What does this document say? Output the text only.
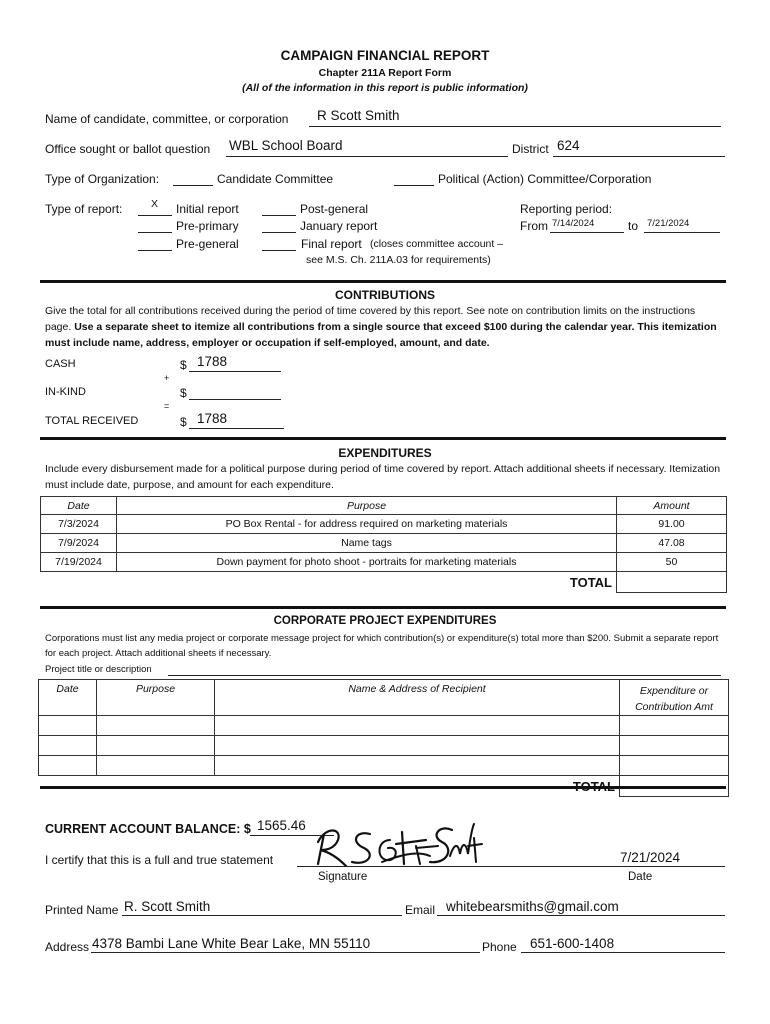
CAMPAIGN FINANCIAL REPORT
Chapter 211A Report Form
(All of the information in this report is public information)
Name of candidate, committee, or corporation R Scott Smith
Office sought or ballot question WBL School Board	District 624
Type of Organization:	Candidate Committee	Political (Action) Committee/Corporation
Type of report:	X Initial report
Pre-primary
Pre-general
Post-general
January report
Final report (closes committee account –
see M.S. Ch. 211A.03 for requirements)
Reporting period:
From 7/14/2024	to 7/21/2024
CONTRIBUTIONS
Give the total for all contributions received during the period of time covered by this report. See note on contribution limits on the instructions page. Use a separate sheet to itemize all contributions from a single source that exceed $100 during the calendar year. This itemization must include name, address, employer or occupation if self-employed, amount, and date.
CASH	$ 1788
+
IN-KIND	$
=
TOTAL RECEIVED	$ 1788
EXPENDITURES
Include every disbursement made for a political purpose during period of time covered by report. Attach additional sheets if necessary. Itemization must include date, purpose, and amount for each expenditure.
Date	Purpose	Amount
7/3/2024	PO Box Rental - for address required on marketing materials	91.00
7/9/2024	Name tags	47.08
7/19/2024	Down payment for photo shoot - portraits for marketing materials	50
	TOTAL	
CORPORATE PROJECT EXPENDITURES
Corporations must list any media project or corporate message project for which contribution(s) or expenditure(s) total more than $200. Submit a separate report for each project. Attach additional sheets if necessary.
Project title or description
Date	Purpose	Name & Address of Recipient	Expenditure or
Contribution Amt

CURRENT ACCOUNT BALANCE: $ 1565.46
I certify that this is a full and true statement
Signature
7/21/2024
Date
Printed Name R. Scott Smith	Email whitebearsmiths@gmail.com
Address 4378 Bambi Lane White Bear Lake, MN 55110	Phone 651-600-1408
